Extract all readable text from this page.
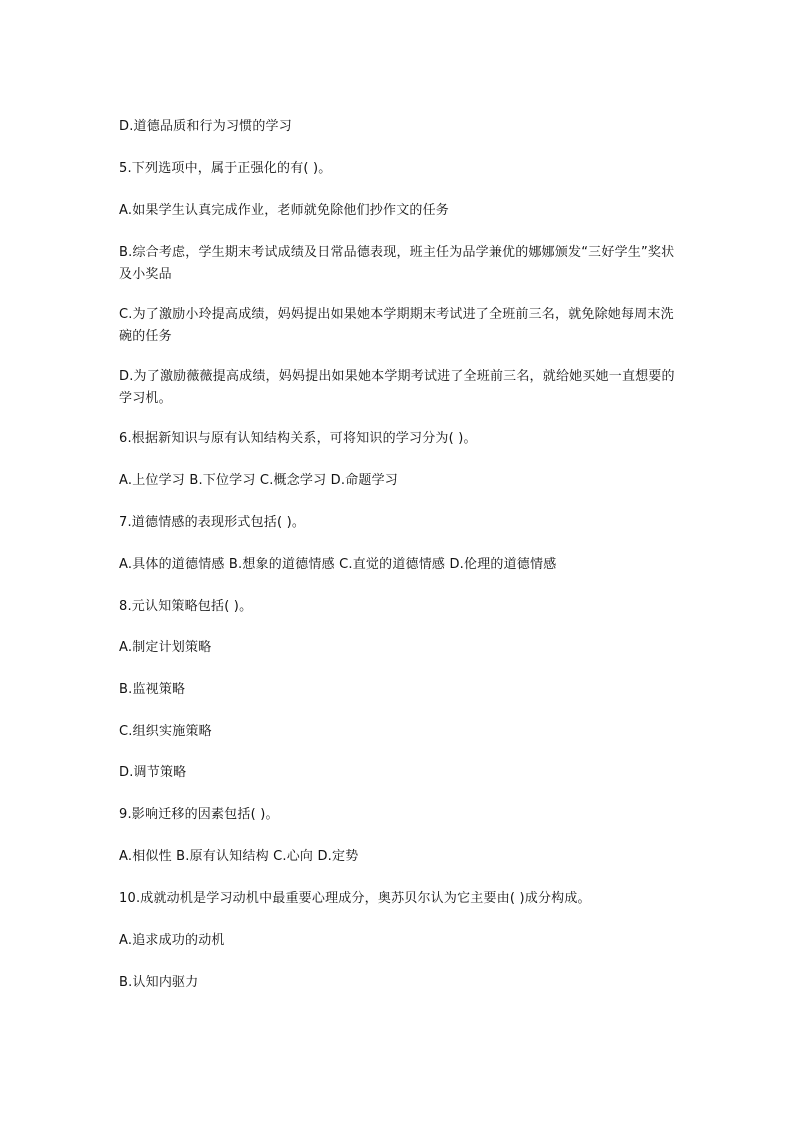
D.道德品质和行为习惯的学习

5.下列选项中，属于正强化的有( )。

A.如果学生认真完成作业，老师就免除他们抄作文的任务

B.综合考虑，学生期末考试成绩及日常品德表现，班主任为品学兼优的娜娜颁发“三好学生”奖状及小奖品

C.为了激励小玲提高成绩，妈妈提出如果她本学期期末考试进了全班前三名，就免除她每周末洗碗的任务

D.为了激励薇薇提高成绩，妈妈提出如果她本学期考试进了全班前三名，就给她买她一直想要的学习机。

6.根据新知识与原有认知结构关系，可将知识的学习分为( )。

A.上位学习 B.下位学习 C.概念学习 D.命题学习

7.道德情感的表现形式包括( )。

A.具体的道德情感 B.想象的道德情感 C.直觉的道德情感 D.伦理的道德情感

8.元认知策略包括( )。

A.制定计划策略

B.监视策略

C.组织实施策略

D.调节策略

9.影响迁移的因素包括( )。

A.相似性 B.原有认知结构 C.心向 D.定势

10.成就动机是学习动机中最重要心理成分，奥苏贝尔认为它主要由( )成分构成。

A.追求成功的动机

B.认知内驱力
